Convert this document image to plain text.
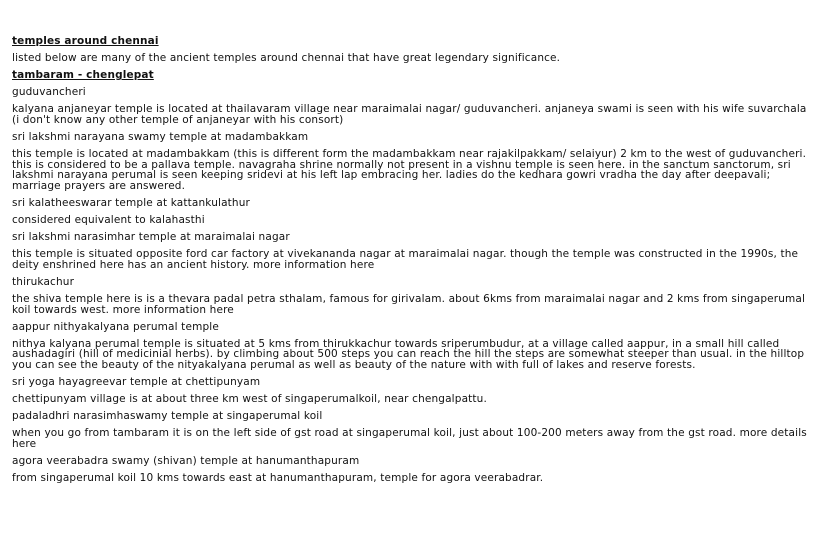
temples around chennai
listed below are many of the ancient temples around chennai that have great legendary significance.
tambaram - chenglepat
guduvancheri
kalyana anjaneyar temple is located at thailavaram village near maraimalai nagar/ guduvancheri. anjaneya swami is seen with his wife suvarchala (i don't know any other temple of anjaneyar with his consort)
sri lakshmi narayana swamy temple at madambakkam
this temple is located at madambakkam (this is different form the madambakkam near rajakilpakkam/ selaiyur) 2 km to the west of guduvancheri. this is considered to be a pallava temple. navagraha shrine normally not present in a vishnu temple is seen here. in the sanctum sanctorum, sri lakshmi narayana perumal is seen keeping sridevi at his left lap embracing her. ladies do the kedhara gowri vradha the day after deepavali; marriage prayers are answered.
sri kalatheeswarar temple at kattankulathur
considered equivalent to kalahasthi
sri lakshmi narasimhar temple at maraimalai nagar
this temple is situated opposite ford car factory at vivekananda nagar at maraimalai nagar. though the temple was constructed in the 1990s, the deity enshrined here has an ancient history. more information here
thirukachur
the shiva temple here is is a thevara padal petra sthalam, famous for girivalam. about 6kms from maraimalai nagar and 2 kms from singaperumal koil towards west. more information here
aappur nithyakalyana perumal temple
nithya kalyana perumal temple is situated at 5 kms from thirukkachur towards sriperumbudur, at a village called aappur, in a small hill called aushadagiri (hill of medicinial herbs). by climbing about 500 steps you can reach the hill the steps are somewhat steeper than usual. in the hilltop you can see the beauty of the nityakalyana perumal as well as beauty of the nature with with full of lakes and reserve forests.
sri yoga hayagreevar temple at chettipunyam
chettipunyam village is at about three km west of singaperumalkoil, near chengalpattu.
padaladhri narasimhaswamy temple at singaperumal koil
when you go from tambaram it is on the left side of gst road at singaperumal koil, just about 100-200 meters away from the gst road. more details here
agora veerabadra swamy (shivan) temple at hanumanthapuram
from singaperumal koil 10 kms towards east at hanumanthapuram, temple for agora veerabadrar.
